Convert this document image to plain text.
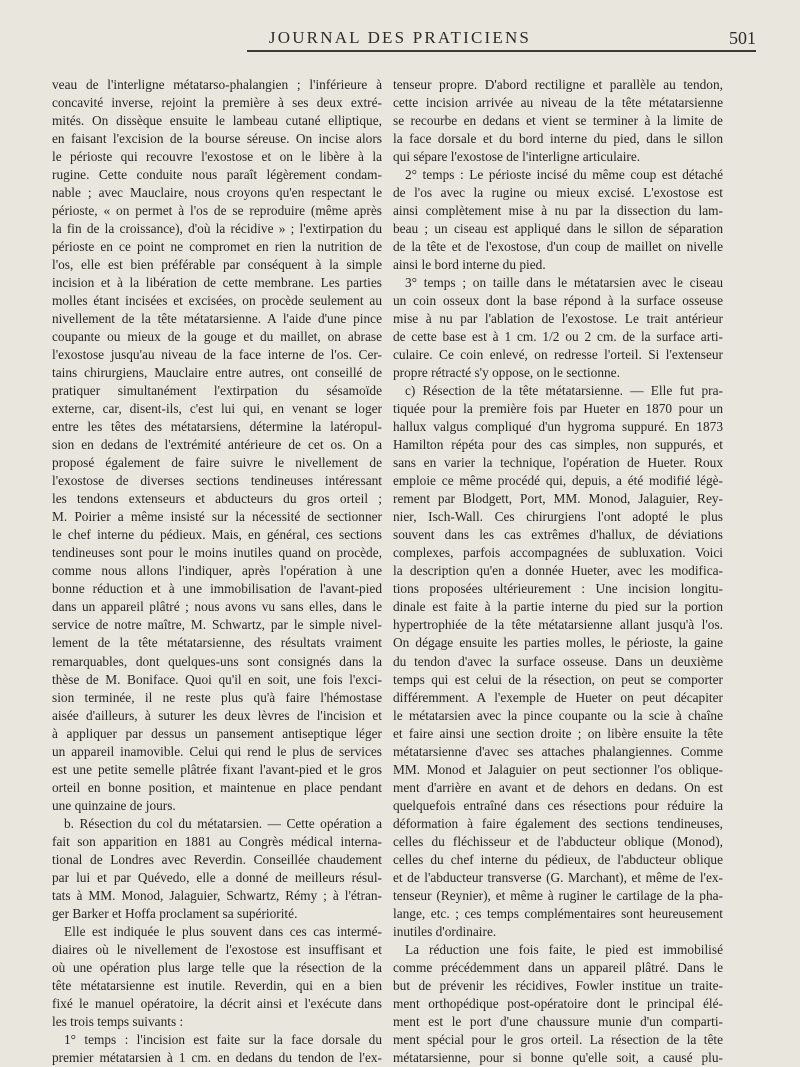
JOURNAL DES PRATICIENS	501
veau de l'interligne métatarso-phalangien ; l'inférieure à
concavité inverse, rejoint la première à ses deux extré-
mités. On dissèque ensuite le lambeau cutané elliptique,
en faisant l'excision de la bourse séreuse. On incise alors
le périoste qui recouvre l'exostose et on le libère à la
rugine. Cette conduite nous paraît légèrement condam-
nable ; avec Mauclaire, nous croyons qu'en respectant le
périoste, « on permet à l'os de se reproduire (même après
la fin de la croissance), d'où la récidive » ; l'extirpation du
périoste en ce point ne compromet en rien la nutrition de
l'os, elle est bien préférable par conséquent à la simple
incision et à la libération de cette membrane. Les parties
molles étant incisées et excisées, on procède seulement au
nivellement de la tête métatarsienne. A l'aide d'une pince
coupante ou mieux de la gouge et du maillet, on abrase
l'exostose jusqu'au niveau de la face interne de l'os. Cer-
tains chirurgiens, Mauclaire entre autres, ont conseillé de
pratiquer simultanément l'extirpation du sésamoïde
externe, car, disent-ils, c'est lui qui, en venant se loger
entre les têtes des métatarsiens, détermine la latéropul-
sion en dedans de l'extrémité antérieure de cet os. On a
proposé également de faire suivre le nivellement de
l'exostose de diverses sections tendineuses intéressant
les tendons extenseurs et abducteurs du gros orteil ;
M. Poirier a même insisté sur la nécessité de sectionner
le chef interne du pédieux. Mais, en général, ces sections
tendineuses sont pour le moins inutiles quand on procède,
comme nous allons l'indiquer, après l'opération à une
bonne réduction et à une immobilisation de l'avant-pied
dans un appareil plâtré ; nous avons vu sans elles, dans le
service de notre maître, M. Schwartz, par le simple nivel-
lement de la tête métatarsienne, des résultats vraiment
remarquables, dont quelques-uns sont consignés dans la
thèse de M. Boniface. Quoi qu'il en soit, une fois l'exci-
sion terminée, il ne reste plus qu'à faire l'hémostase
aisée d'ailleurs, à suturer les deux lèvres de l'incision et
à appliquer par dessus un pansement antiseptique léger
un appareil inamovible. Celui qui rend le plus de services
est une petite semelle plâtrée fixant l'avant-pied et le gros
orteil en bonne position, et maintenue en place pendant
une quinzaine de jours.
b. Résection du col du métatarsien. — Cette opération a
fait son apparition en 1881 au Congrès médical interna-
tional de Londres avec Reverdin. Conseillée chaudement
par lui et par Quévedo, elle a donné de meilleurs résul-
tats à MM. Monod, Jalaguier, Schwartz, Rémy ; à l'étran-
ger Barker et Hoffa proclament sa supériorité.
Elle est indiquée le plus souvent dans ces cas intermé-
diaires où le nivellement de l'exostose est insuffisant et
où une opération plus large telle que la résection de la
tête métatarsienne est inutile. Reverdin, qui en a bien
fixé le manuel opératoire, la décrit ainsi et l'exécute dans
les trois temps suivants :
1° temps : l'incision est faite sur la face dorsale du
premier métatarsien à 1 cm. en dedans du tendon de l'ex-
tenseur propre. D'abord rectiligne et parallèle au tendon,
cette incision arrivée au niveau de la tête métatarsienne
se recourbe en dedans et vient se terminer à la limite de
la face dorsale et du bord interne du pied, dans le sillon
qui sépare l'exostose de l'interligne articulaire.
2° temps : Le périoste incisé du même coup est détaché
de l'os avec la rugine ou mieux excisé. L'exostose est
ainsi complètement mise à nu par la dissection du lam-
beau ; un ciseau est appliqué dans le sillon de séparation
de la tête et de l'exostose, d'un coup de maillet on nivelle
ainsi le bord interne du pied.
3° temps ; on taille dans le métatarsien avec le ciseau
un coin osseux dont la base répond à la surface osseuse
mise à nu par l'ablation de l'exostose. Le trait antérieur
de cette base est à 1 cm. 1/2 ou 2 cm. de la surface arti-
culaire. Ce coin enlevé, on redresse l'orteil. Si l'extenseur
propre rétracté s'y oppose, on le sectionne.
c) Résection de la tête métatarsienne. — Elle fut pra-
tiquée pour la première fois par Hueter en 1870 pour un
hallux valgus compliqué d'un hygroma suppuré. En 1873
Hamilton répéta pour des cas simples, non suppurés, et
sans en varier la technique, l'opération de Hueter. Roux
emploie ce même procédé qui, depuis, a été modifié légè-
rement par Blodgett, Port, MM. Monod, Jalaguier, Rey-
nier, Isch-Wall. Ces chirurgiens l'ont adopté le plus
souvent dans les cas extrêmes d'hallux, de déviations
complexes, parfois accompagnées de subluxation. Voici
la description qu'en a donnée Hueter, avec les modifica-
tions proposées ultérieurement : Une incision longitu-
dinale est faite à la partie interne du pied sur la portion
hypertrophiée de la tête métatarsienne allant jusqu'à l'os.
On dégage ensuite les parties molles, le périoste, la gaine
du tendon d'avec la surface osseuse. Dans un deuxième
temps qui est celui de la résection, on peut se comporter
différemment. A l'exemple de Hueter on peut décapiter
le métatarsien avec la pince coupante ou la scie à chaîne
et faire ainsi une section droite ; on libère ensuite la tête
métatarsienne d'avec ses attaches phalangiennes. Comme
MM. Monod et Jalaguier on peut sectionner l'os oblique-
ment d'arrière en avant et de dehors en dedans. On est
quelquefois entraîné dans ces résections pour réduire la
déformation à faire également des sections tendineuses,
celles du fléchisseur et de l'abducteur oblique (Monod),
celles du chef interne du pédieux, de l'abducteur oblique
et de l'abducteur transverse (G. Marchant), et même de l'ex-
tenseur (Reynier), et même à ruginer le cartilage de la pha-
lange, etc. ; ces temps complémentaires sont heureusement
inutiles d'ordinaire.
La réduction une fois faite, le pied est immobilisé
comme précédemment dans un appareil plâtré. Dans le
but de prévenir les récidives, Fowler institue un traite-
ment orthopédique post-opératoire dont le principal élé-
ment est le port d'une chaussure munie d'un comparti-
ment spécial pour le gros orteil. La résection de la tête
métatarsienne, pour si bonne qu'elle soit, a causé plu-
